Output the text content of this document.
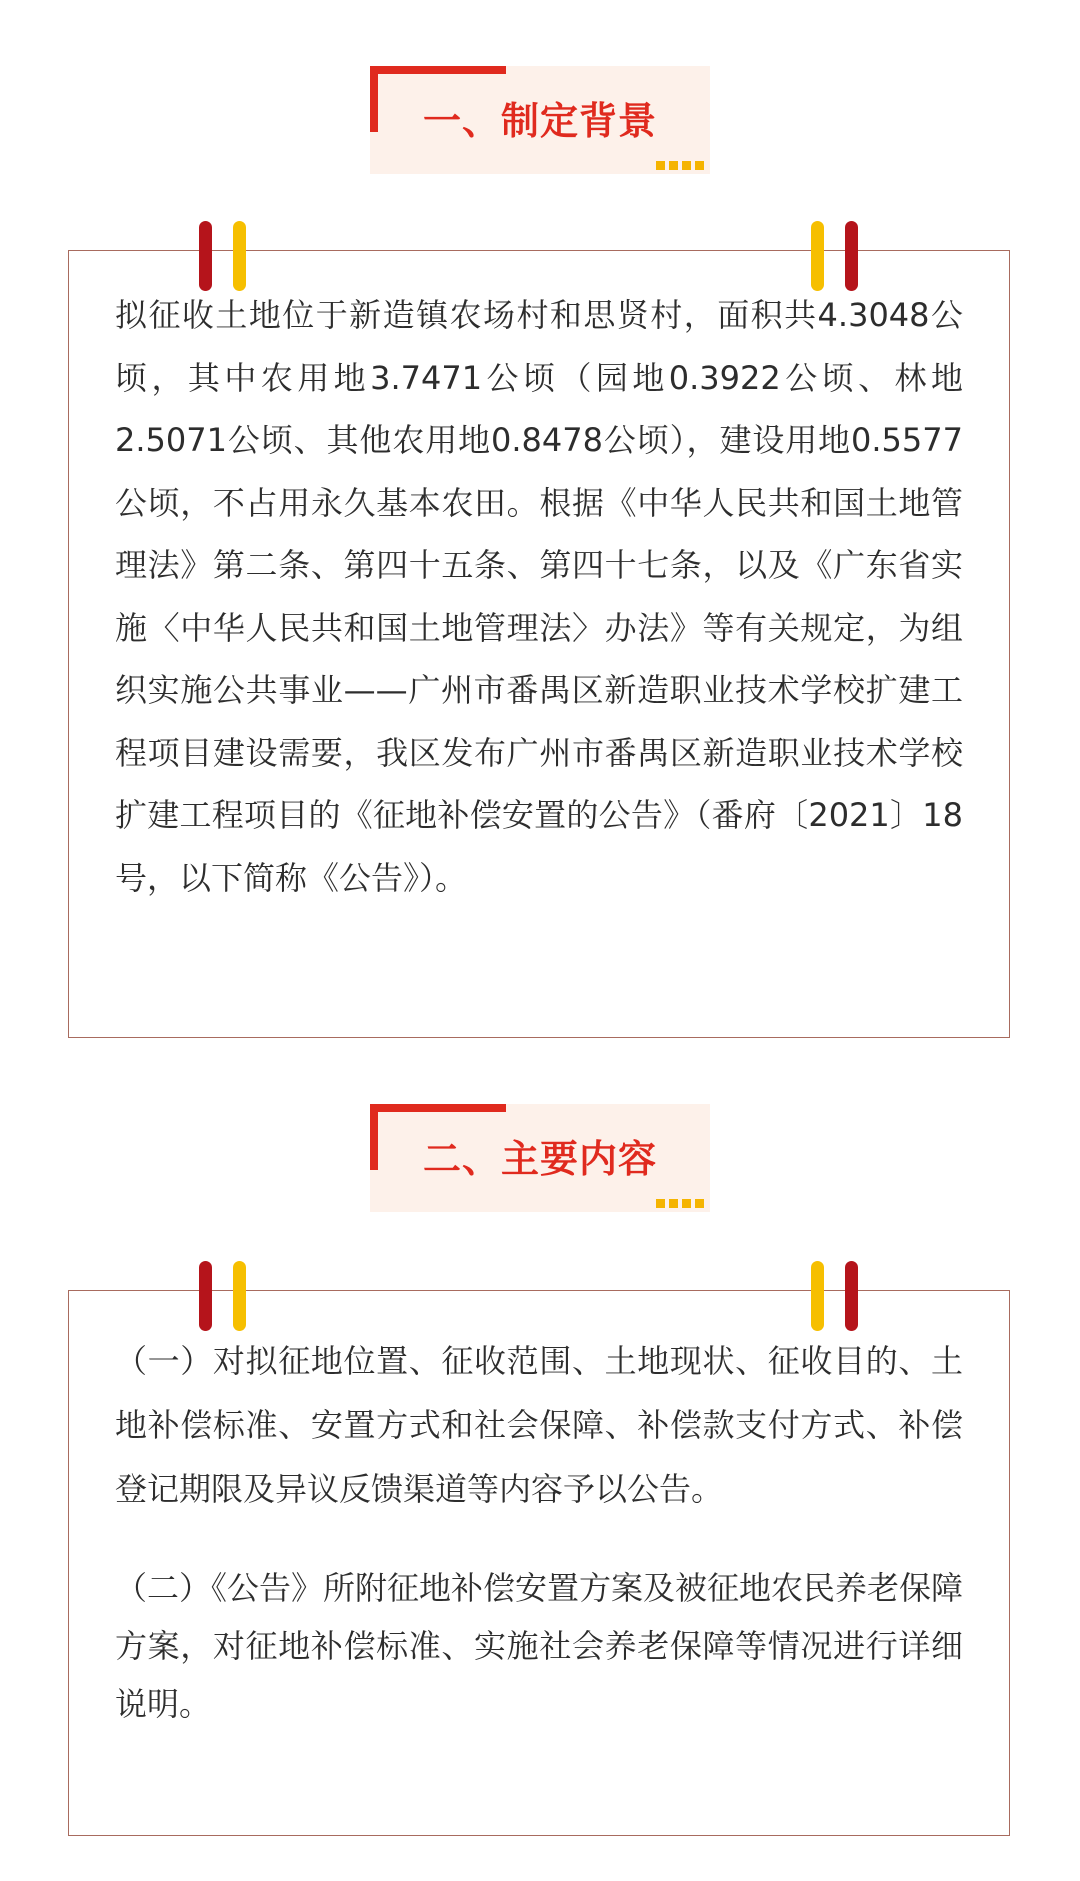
一、制定背景

拟征收土地位于新造镇农场村和思贤村，面积共4.3048公顷，其中农用地3.7471公顷（园地0.3922公顷、林地2.5071公顷、其他农用地0.8478公顷），建设用地0.5577公顷，不占用永久基本农田。根据《中华人民共和国土地管理法》第二条、第四十五条、第四十七条，以及《广东省实施〈中华人民共和国土地管理法〉办法》等有关规定，为组织实施公共事业——广州市番禺区新造职业技术学校扩建工程项目建设需要，我区发布广州市番禺区新造职业技术学校扩建工程项目的《征地补偿安置的公告》（番府〔2021〕18号，以下简称《公告》）。

二、主要内容

（一）对拟征地位置、征收范围、土地现状、征收目的、土地补偿标准、安置方式和社会保障、补偿款支付方式、补偿登记期限及异议反馈渠道等内容予以公告。

（二）《公告》所附征地补偿安置方案及被征地农民养老保障方案，对征地补偿标准、实施社会养老保障等情况进行详细说明。
